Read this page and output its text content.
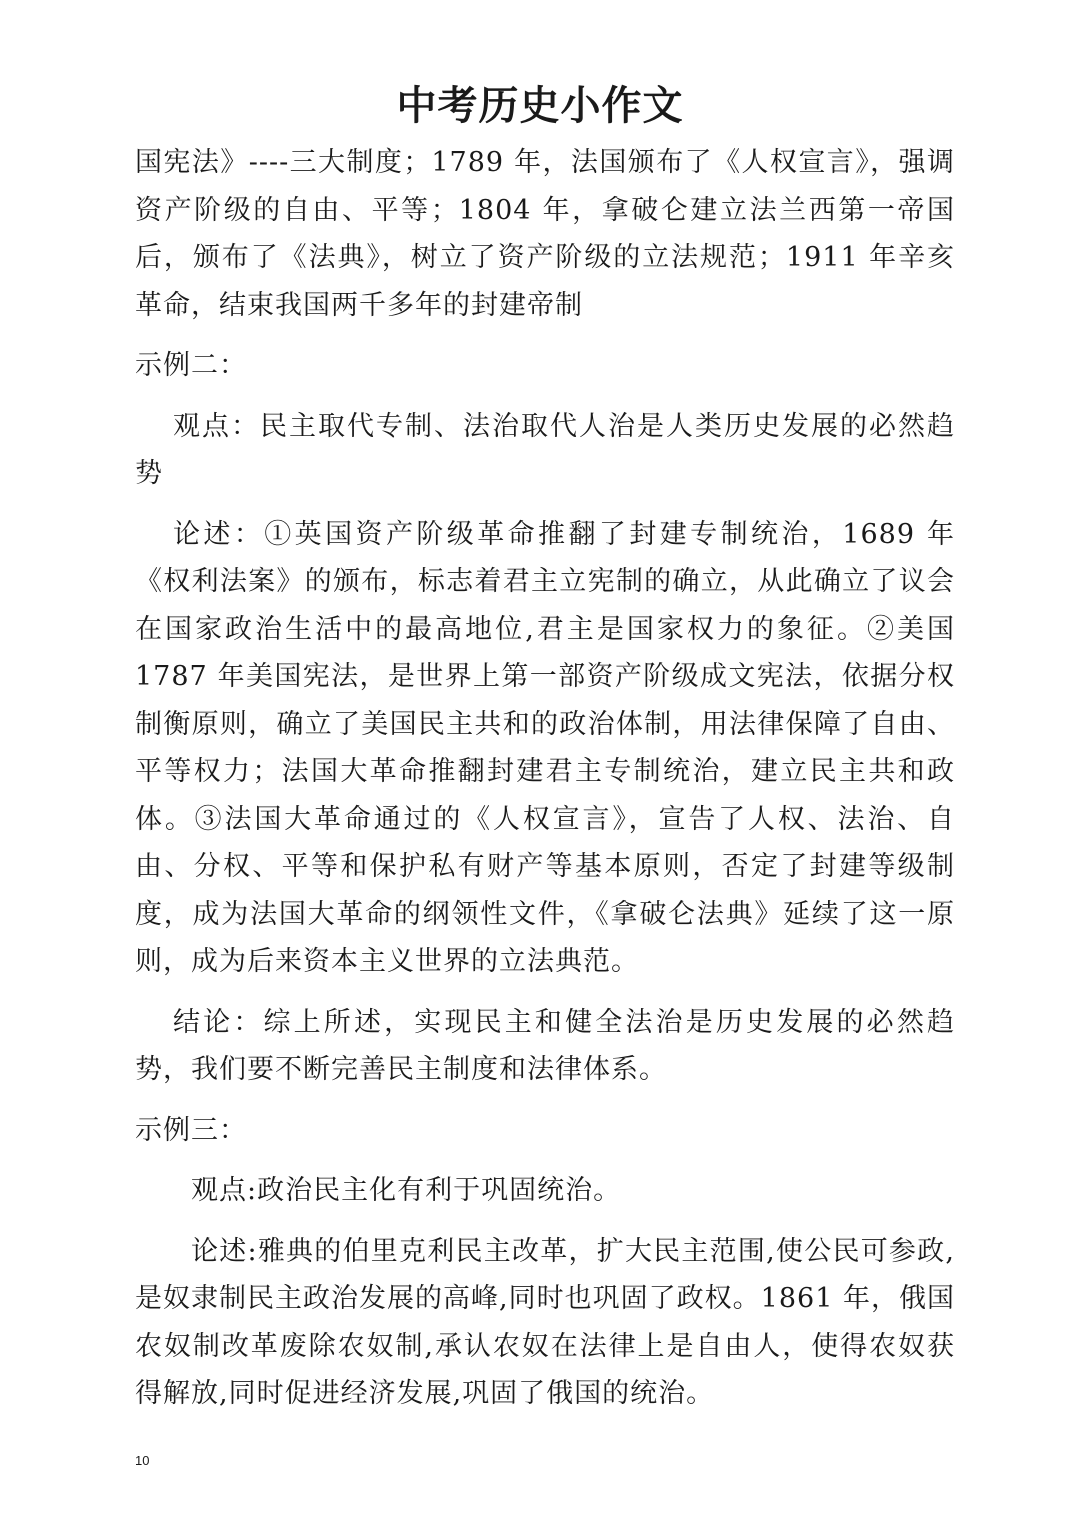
中考历史小作文

国宪法》----三大制度；1789 年，法国颁布了《人权宣言》，强调资产阶级的自由、平等；1804 年，拿破仑建立法兰西第一帝国后，颁布了《法典》，树立了资产阶级的立法规范；1911 年辛亥革命，结束我国两千多年的封建帝制

示例二：

观点：民主取代专制、法治取代人治是人类历史发展的必然趋势

论述：①英国资产阶级革命推翻了封建专制统治，1689 年《权利法案》的颁布，标志着君主立宪制的确立，从此确立了议会在国家政治生活中的最高地位,君主是国家权力的象征。②美国 1787 年美国宪法，是世界上第一部资产阶级成文宪法，依据分权制衡原则，确立了美国民主共和的政治体制，用法律保障了自由、平等权力；法国大革命推翻封建君主专制统治，建立民主共和政体。③法国大革命通过的《人权宣言》，宣告了人权、法治、自由、分权、平等和保护私有财产等基本原则，否定了封建等级制度，成为法国大革命的纲领性文件，《拿破仑法典》延续了这一原则，成为后来资本主义世界的立法典范。

结论：综上所述，实现民主和健全法治是历史发展的必然趋势，我们要不断完善民主制度和法律体系。

示例三：

观点:政治民主化有利于巩固统治。

论述:雅典的伯里克利民主改革，扩大民主范围,使公民可参政,是奴隶制民主政治发展的高峰,同时也巩固了政权。1861 年，俄国农奴制改革废除农奴制,承认农奴在法律上是自由人，使得农奴获得解放,同时促进经济发展,巩固了俄国的统治。

10
